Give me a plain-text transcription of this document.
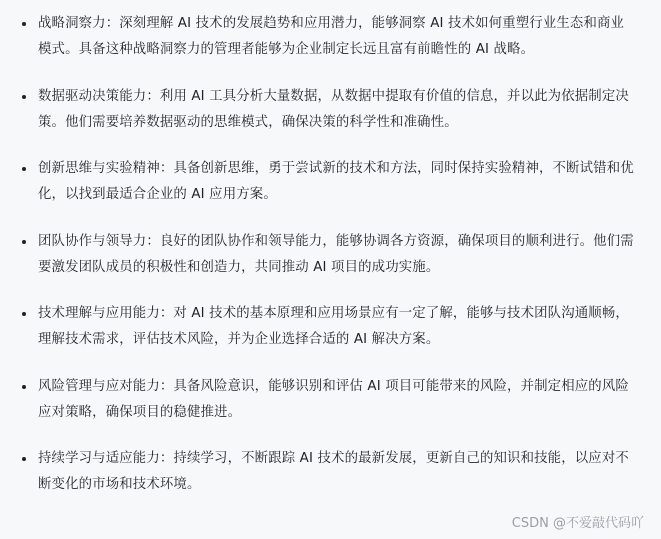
战略洞察力：深刻理解 AI 技术的发展趋势和应用潜力，能够洞察 AI 技术如何重塑行业生态和商业模式。具备这种战略洞察力的管理者能够为企业制定长远且富有前瞻性的 AI 战略。
数据驱动决策能力：利用 AI 工具分析大量数据，从数据中提取有价值的信息，并以此为依据制定决策。他们需要培养数据驱动的思维模式，确保决策的科学性和准确性。
创新思维与实验精神：具备创新思维，勇于尝试新的技术和方法，同时保持实验精神，不断试错和优化，以找到最适合企业的 AI 应用方案。
团队协作与领导力：良好的团队协作和领导能力，能够协调各方资源，确保项目的顺利进行。他们需要激发团队成员的积极性和创造力，共同推动 AI 项目的成功实施。
技术理解与应用能力：对 AI 技术的基本原理和应用场景应有一定了解，能够与技术团队沟通顺畅，理解技术需求，评估技术风险，并为企业选择合适的 AI 解决方案。
风险管理与应对能力：具备风险意识，能够识别和评估 AI 项目可能带来的风险，并制定相应的风险应对策略，确保项目的稳健推进。
持续学习与适应能力：持续学习，不断跟踪 AI 技术的最新发展，更新自己的知识和技能，以应对不断变化的市场和技术环境。
CSDN @不爱敲代码吖
